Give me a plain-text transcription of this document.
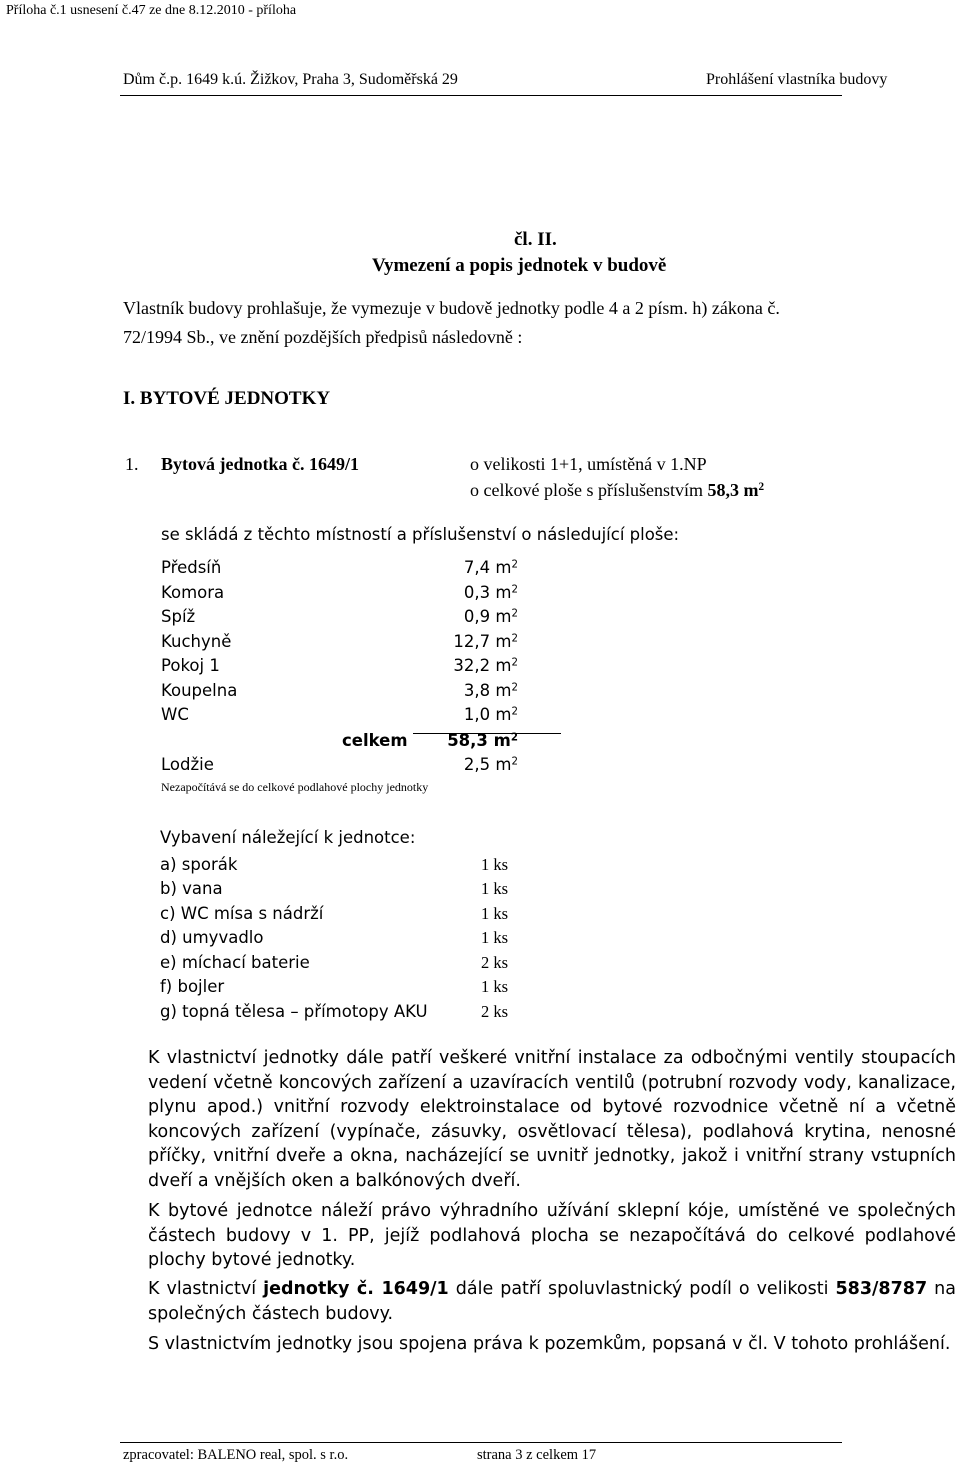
Příloha č.1 usnesení č.47 ze dne 8.12.2010 - příloha
Dům č.p. 1649 k.ú. Žižkov, Praha 3, Sudoměřská 29	Prohlášení vlastníka budovy
čl. II.
Vymezení a popis jednotek v budově
Vlastník budovy prohlašuje, že vymezuje v budově jednotky podle 4 a 2 písm. h) zákona č.
72/1994 Sb., ve znění pozdějších předpisů následovně :
I. BYTOVÉ JEDNOTKY
1. Bytová jednotka č. 1649/1	o velikosti 1+1, umístěná v 1.NP
o celkové ploše s příslušenstvím 58,3 $m^2$
se skládá z těchto místností a příslušenství o následující ploše:
Předsíň	7,4 $m^2$
Komora	0,3 $m^2$
Spíž	0,9 $m^2$
Kuchyně	12,7 $m^2$
Pokoj 1	32,2 $m^2$
Koupelna	3,8 $m^2$
WC	1,0 $m^2$
celkem	58,3 $m^2$
Lodžie	2,5 $m^2$
Nezapočítává se do celkové podlahové plochy jednotky
Vybavení náležející k jednotce:
a) sporák	1 ks
b) vana	1 ks
c) WC mísa s nádrží	1 ks
d) umyvadlo	1 ks
e) míchací baterie	2 ks
f) bojler	1 ks
g) topná tělesa – přímotopy AKU	2 ks
K vlastnictví jednotky dále patří veškeré vnitřní instalace za odbočnými ventily stoupacích vedení včetně koncových zařízení a uzavíracích ventilů (potrubní rozvody vody, kanalizace, plynu apod.) vnitřní rozvody elektroinstalace od bytové rozvodnice včetně ní a včetně koncových zařízení (vypínače, zásuvky, osvětlovací tělesa), podlahová krytina, nenosné příčky, vnitřní dveře a okna, nacházející se uvnitř jednotky, jakož i vnitřní strany vstupních dveří a vnějších oken a balkónových dveří.
K bytové jednotce náleží právo výhradního užívání sklepní kóje, umístěné ve společných částech budovy v 1. PP, jejíž podlahová plocha se nezapočítává do celkové podlahové plochy bytové jednotky.
K vlastnictví jednotky č. 1649/1 dále patří spoluvlastnický podíl o velikosti 583/8787 na společných částech budovy.
S vlastnictvím jednotky jsou spojena práva k pozemkům, popsaná v čl. V tohoto prohlášení.
zpracovatel: BALENO real, spol. s r.o.	strana 3 z celkem 17
